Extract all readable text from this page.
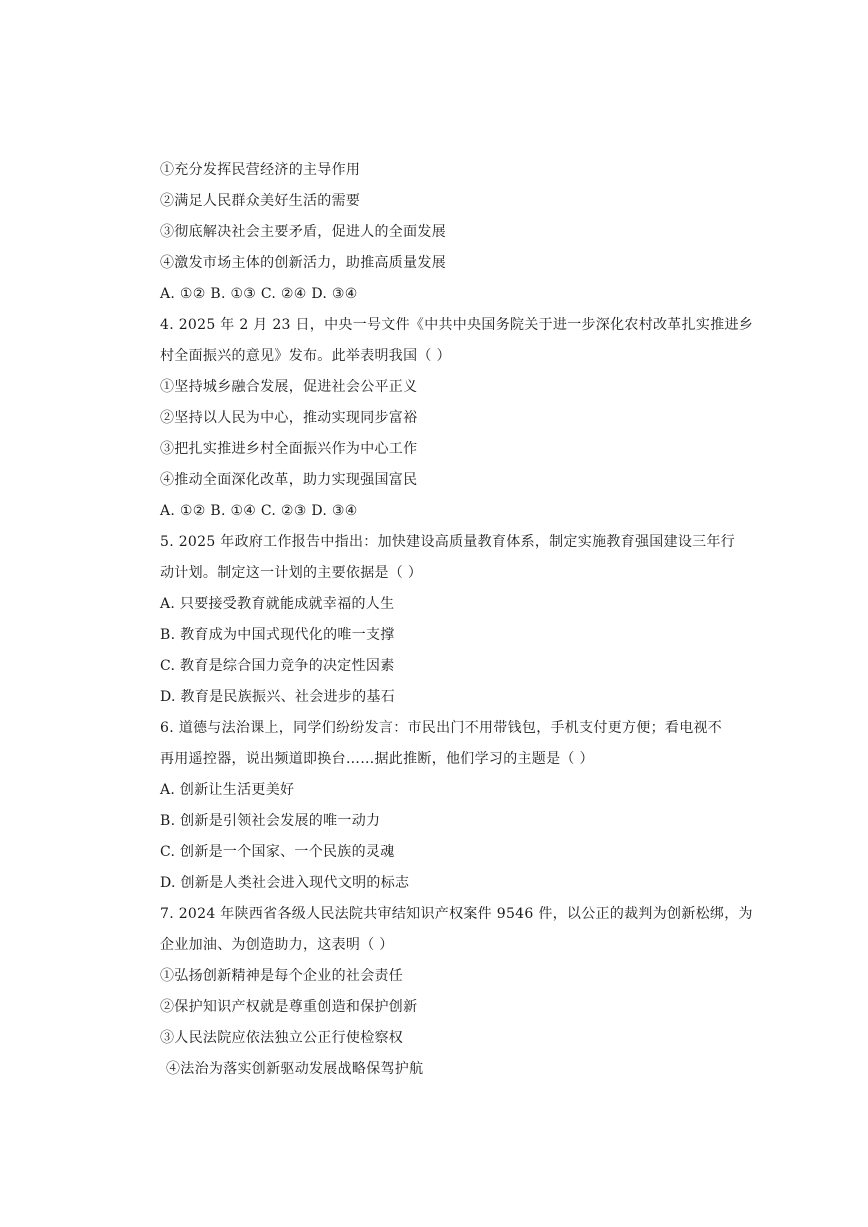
①充分发挥民营经济的主导作用
②满足人民群众美好生活的需要
③彻底解决社会主要矛盾，促进人的全面发展
④激发市场主体的创新活力，助推高质量发展
A. ①② B. ①③ C. ②④ D. ③④
4. 2025 年 2 月 23 日，中央一号文件《中共中央国务院关于进一步深化农村改革扎实推进乡
村全面振兴的意见》发布。此举表明我国（ ）
①坚持城乡融合发展，促进社会公平正义
②坚持以人民为中心，推动实现同步富裕
③把扎实推进乡村全面振兴作为中心工作
④推动全面深化改革，助力实现强国富民
A. ①② B. ①④ C. ②③ D. ③④
5. 2025 年政府工作报告中指出：加快建设高质量教育体系，制定实施教育强国建设三年行
动计划。制定这一计划的主要依据是（ ）
A. 只要接受教育就能成就幸福的人生
B. 教育成为中国式现代化的唯一支撑
C. 教育是综合国力竞争的决定性因素
D. 教育是民族振兴、社会进步的基石
6. 道德与法治课上，同学们纷纷发言：市民出门不用带钱包，手机支付更方便；看电视不
再用遥控器，说出频道即换台……据此推断，他们学习的主题是（ ）
A. 创新让生活更美好
B. 创新是引领社会发展的唯一动力
C. 创新是一个国家、一个民族的灵魂
D. 创新是人类社会进入现代文明的标志
7. 2024 年陕西省各级人民法院共审结知识产权案件 9546 件，以公正的裁判为创新松绑，为
企业加油、为创造助力，这表明（ ）
①弘扬创新精神是每个企业的社会责任
②保护知识产权就是尊重创造和保护创新
③人民法院应依法独立公正行使检察权
④法治为落实创新驱动发展战略保驾护航
